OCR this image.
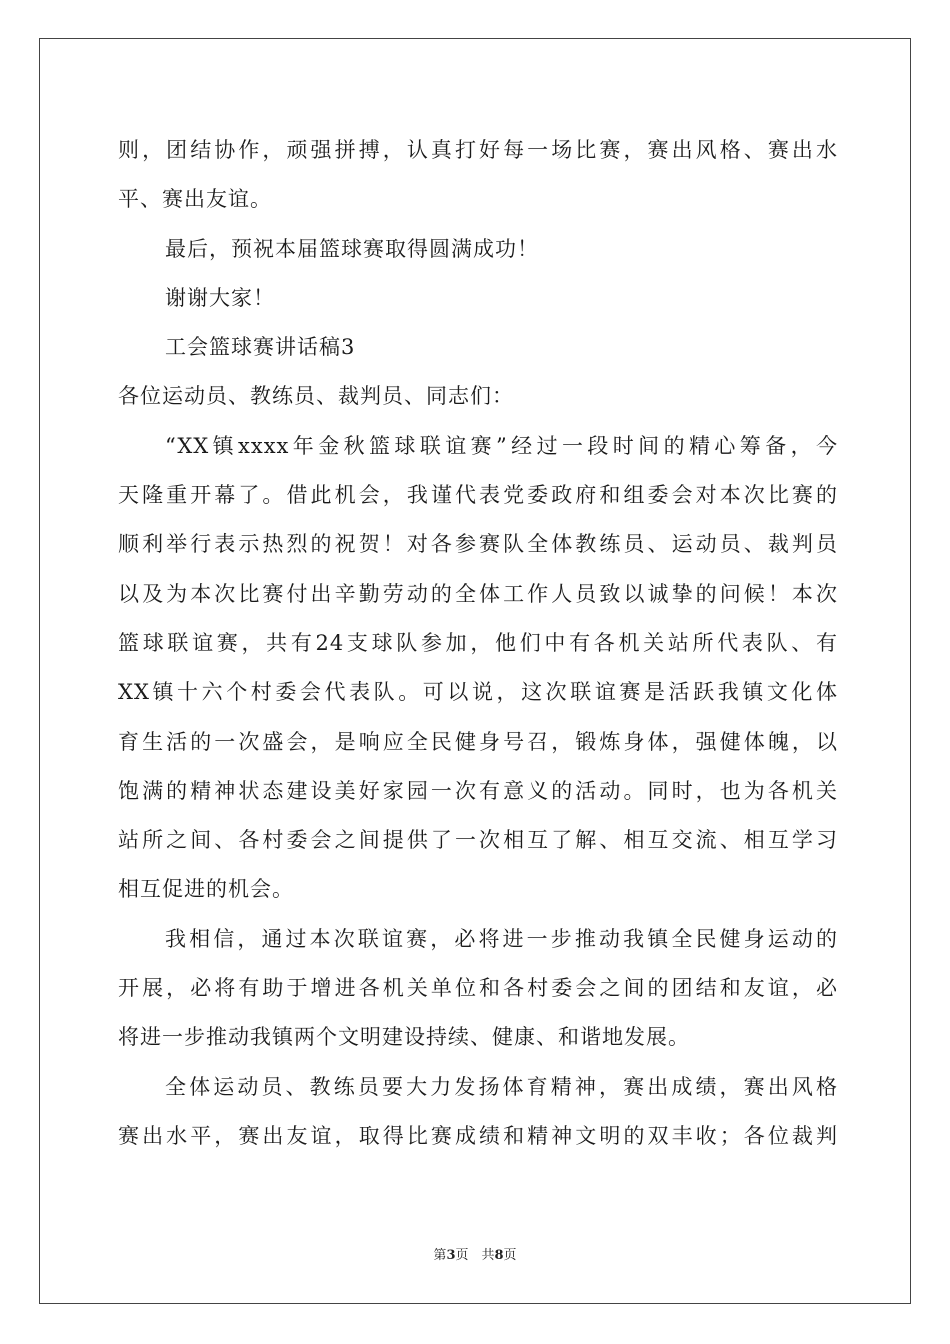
则，团结协作，顽强拼搏，认真打好每一场比赛，赛出风格、赛出水
平、赛出友谊。
最后，预祝本届篮球赛取得圆满成功！
谢谢大家！
工会篮球赛讲话稿3
各位运动员、教练员、裁判员、同志们：
“XX镇xxxx年金秋篮球联谊赛”经过一段时间的精心筹备，今
天隆重开幕了。借此机会，我谨代表党委政府和组委会对本次比赛的
顺利举行表示热烈的祝贺！对各参赛队全体教练员、运动员、裁判员
以及为本次比赛付出辛勤劳动的全体工作人员致以诚挚的问候！本次
篮球联谊赛，共有24支球队参加，他们中有各机关站所代表队、有
XX镇十六个村委会代表队。可以说，这次联谊赛是活跃我镇文化体
育生活的一次盛会，是响应全民健身号召，锻炼身体，强健体魄，以
饱满的精神状态建设美好家园一次有意义的活动。同时，也为各机关
站所之间、各村委会之间提供了一次相互了解、相互交流、相互学习
相互促进的机会。
我相信，通过本次联谊赛，必将进一步推动我镇全民健身运动的
开展，必将有助于增进各机关单位和各村委会之间的团结和友谊，必
将进一步推动我镇两个文明建设持续、健康、和谐地发展。
全体运动员、教练员要大力发扬体育精神，赛出成绩，赛出风格
赛出水平，赛出友谊，取得比赛成绩和精神文明的双丰收；各位裁判
第3页　共8页
